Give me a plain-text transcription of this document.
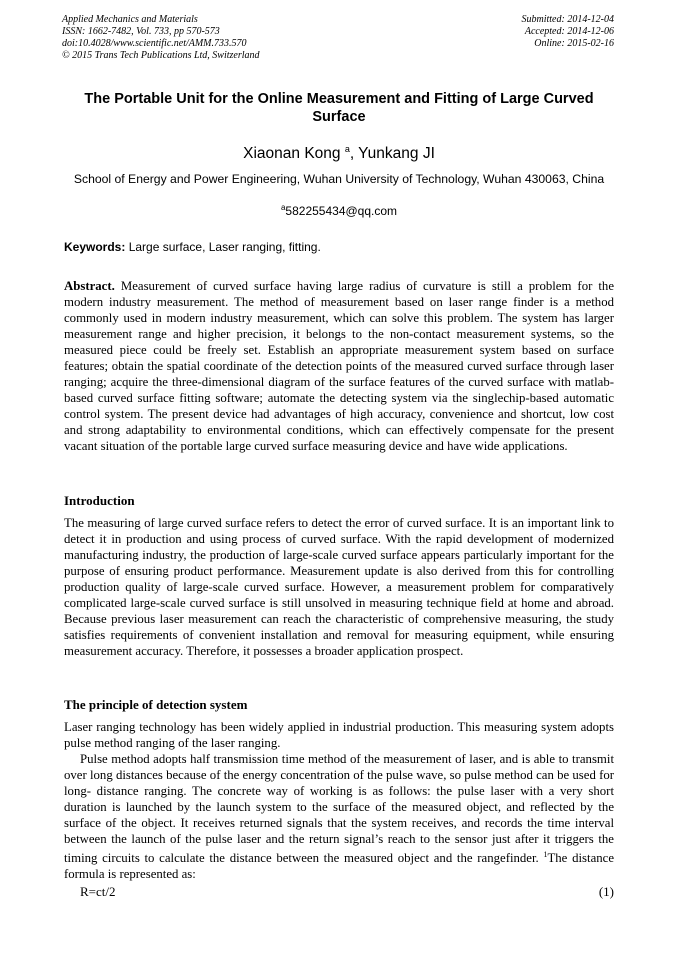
Applied Mechanics and Materials
ISSN: 1662-7482, Vol. 733, pp 570-573
doi:10.4028/www.scientific.net/AMM.733.570
© 2015 Trans Tech Publications Ltd, Switzerland
Submitted: 2014-12-04
Accepted: 2014-12-06
Online: 2015-02-16
The Portable Unit for the Online Measurement and Fitting of Large Curved Surface
Xiaonan Kong $^a$, Yunkang JI
School of Energy and Power Engineering, Wuhan University of Technology, Wuhan 430063, China
$^a$582255434@qq.com
Keywords: Large surface, Laser ranging, fitting.
Abstract. Measurement of curved surface having large radius of curvature is still a problem for the modern industry measurement. The method of measurement based on laser range finder is a method commonly used in modern industry measurement, which can solve this problem. The system has larger measurement range and higher precision, it belongs to the non-contact measurement systems, so the measured piece could be freely set. Establish an appropriate measurement system based on surface features; obtain the spatial coordinate of the detection points of the measured curved surface through laser ranging; acquire the three-dimensional diagram of the surface features of the curved surface with matlab-based curved surface fitting software; automate the detecting system via the singlechip-based automatic control system. The present device had advantages of high accuracy, convenience and shortcut, low cost and strong adaptability to environmental conditions, which can effectively compensate for the present vacant situation of the portable large curved surface measuring device and have wide applications.
Introduction
The measuring of large curved surface refers to detect the error of curved surface. It is an important link to detect it in production and using process of curved surface. With the rapid development of modernized manufacturing industry, the production of large-scale curved surface appears particularly important for the purpose of ensuring product performance. Measurement update is also derived from this for controlling production quality of large-scale curved surface. However, a measurement problem for comparatively complicated large-scale curved surface is still unsolved in measuring technique field at home and abroad. Because previous laser measurement can reach the characteristic of comprehensive measuring, the study satisfies requirements of convenient installation and removal for measuring equipment, while ensuring measurement accuracy. Therefore, it possesses a broader application prospect.
The principle of detection system

Laser ranging technology has been widely applied in industrial production. This measuring system adopts pulse method ranging of the laser ranging.

Pulse method adopts half transmission time method of the measurement of laser, and is able to transmit over long distances because of the energy concentration of the pulse wave, so pulse method can be used for long- distance ranging. The concrete way of working is as follows: the pulse laser with a very short duration is launched by the launch system to the surface of the measured object, and reflected by the surface of the object. It receives returned signals that the system receives, and records the time interval between the launch of the pulse laser and the return signal’s reach to the sensor just after it triggers the timing circuits to calculate the distance between the measured object and the rangefinder. $^1$The distance formula is represented as:

R=ct/2	(1)
